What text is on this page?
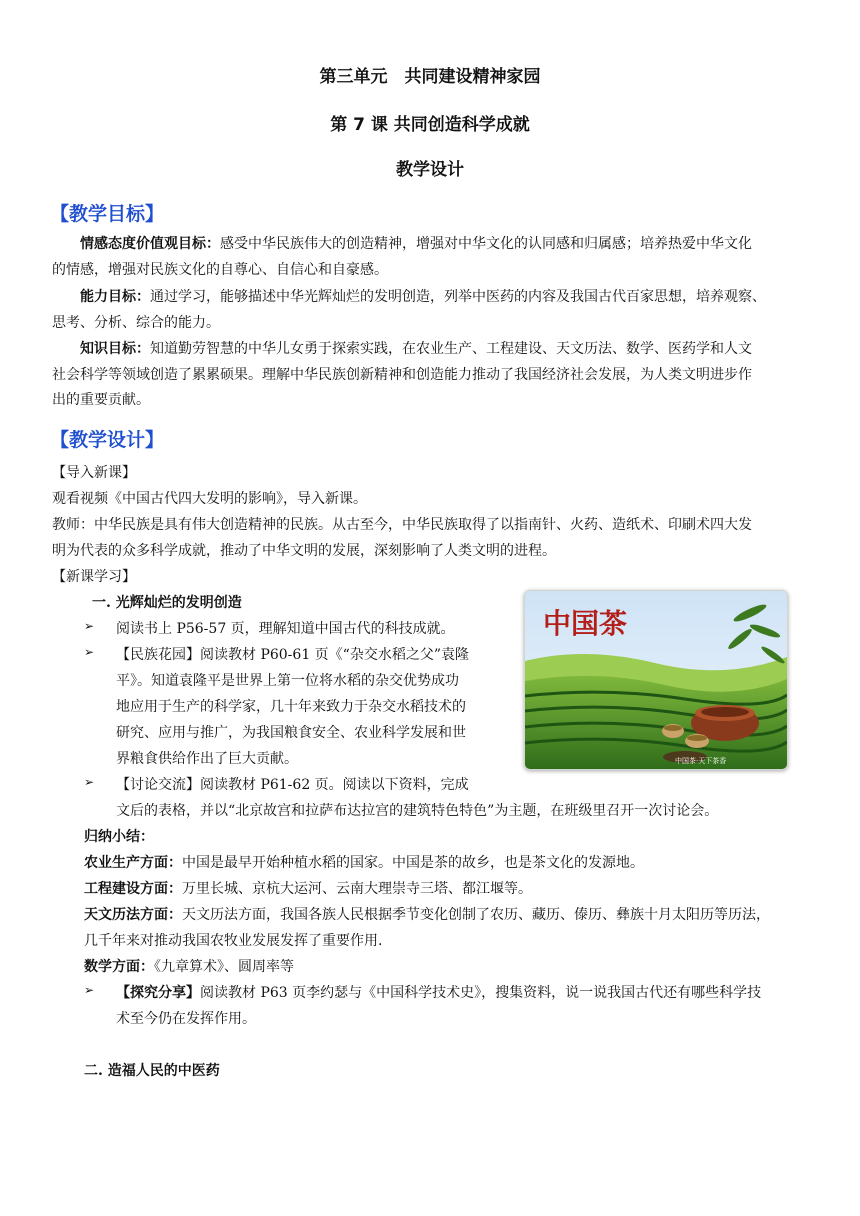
第三单元　共同建设精神家园
第 7 课 共同创造科学成就
教学设计
【教学目标】
情感态度价值观目标：感受中华民族伟大的创造精神，增强对中华文化的认同感和归属感；培养热爱中华文化
的情感，增强对民族文化的自尊心、自信心和自豪感。
能力目标：通过学习，能够描述中华光辉灿烂的发明创造，列举中医药的内容及我国古代百家思想，培养观察、
思考、分析、综合的能力。
知识目标：知道勤劳智慧的中华儿女勇于探索实践，在农业生产、工程建设、天文历法、数学、医药学和人文
社会科学等领域创造了累累硕果。理解中华民族创新精神和创造能力推动了我国经济社会发展，为人类文明进步作
出的重要贡献。
【教学设计】
【导入新课】
观看视频《中国古代四大发明的影响》，导入新课。
教师：中华民族是具有伟大创造精神的民族。从古至今，中华民族取得了以指南针、火药、造纸术、印刷术四大发
明为代表的众多科学成就，推动了中华文明的发展，深刻影响了人类文明的进程。
【新课学习】
一. 光辉灿烂的发明创造
➢ 阅读书上 P56-57 页，理解知道中国古代的科技成就。
➢ 【民族花园】阅读教材 P60-61 页《“杂交水稻之父”袁隆
平》。知道袁隆平是世界上第一位将水稻的杂交优势成功
地应用于生产的科学家，几十年来致力于杂交水稻技术的
研究、应用与推广，为我国粮食安全、农业科学发展和世
界粮食供给作出了巨大贡献。
➢ 【讨论交流】阅读教材 P61-62 页。阅读以下资料，完成
文后的表格，并以“北京故宫和拉萨布达拉宫的建筑特色特色”为主题，在班级里召开一次讨论会。
归纳小结：
农业生产方面：中国是最早开始种植水稻的国家。中国是茶的故乡，也是茶文化的发源地。
工程建设方面：万里长城、京杭大运河、云南大理崇寺三塔、都江堰等。
天文历法方面：天文历法方面，我国各族人民根据季节变化创制了农历、藏历、傣历、彝族十月太阳历等历法，
几千年来对推动我国农牧业发展发挥了重要作用.
数学方面：《九章算术》、圆周率等
➢ 【探究分享】阅读教材 P63 页李约瑟与《中国科学技术史》，搜集资料，说一说我国古代还有哪些科学技
术至今仍在发挥作用。
二. 造福人民的中医药
中国茶
中国茶·天下茶香
